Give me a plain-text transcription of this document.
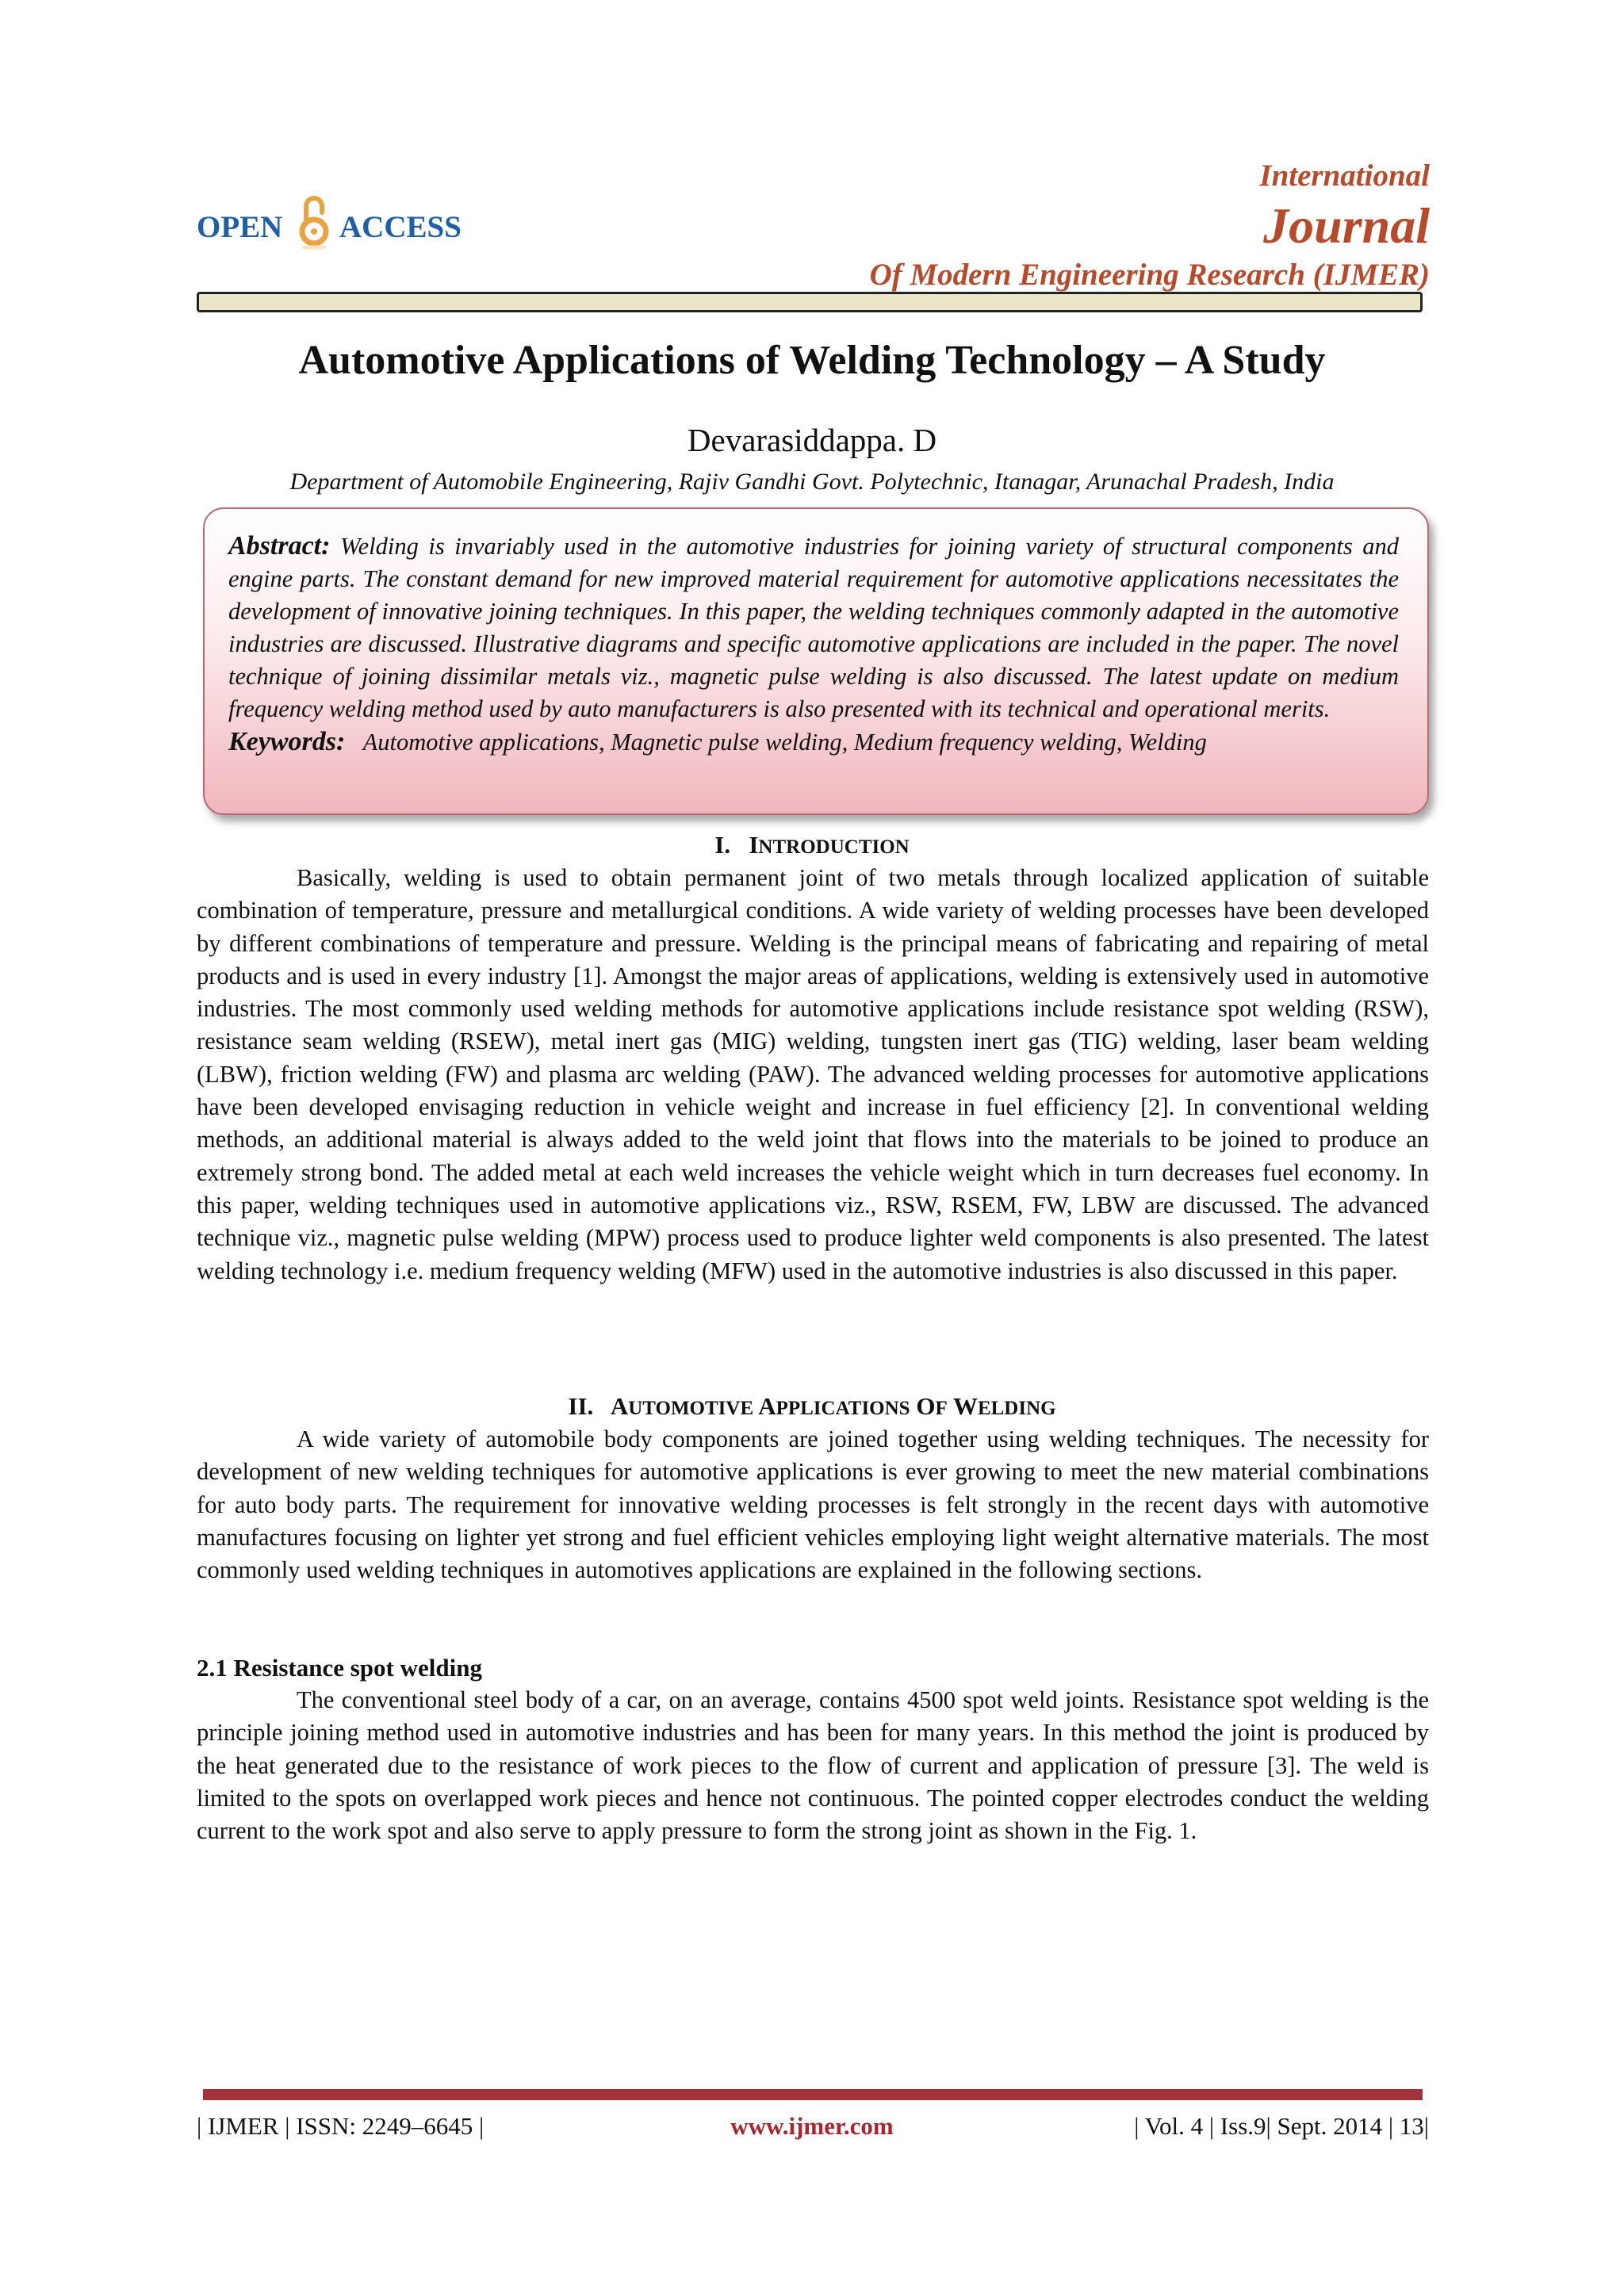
OPEN ACCESS
International
Journal
Of Modern Engineering Research (IJMER)
Automotive Applications of Welding Technology – A Study
Devarasiddappa. D
Department of Automobile Engineering, Rajiv Gandhi Govt. Polytechnic, Itanagar, Arunachal Pradesh, India

Abstract: Welding is invariably used in the automotive industries for joining variety of structural components and engine parts. The constant demand for new improved material requirement for automotive applications necessitates the development of innovative joining techniques. In this paper, the welding techniques commonly adapted in the automotive industries are discussed. Illustrative diagrams and specific automotive applications are included in the paper. The novel technique of joining dissimilar metals viz., magnetic pulse welding is also discussed. The latest update on medium frequency welding method used by auto manufacturers is also presented with its technical and operational merits.

Keywords: Automotive applications, Magnetic pulse welding, Medium frequency welding, Welding

I. INTRODUCTION

Basically, welding is used to obtain permanent joint of two metals through localized application of suitable combination of temperature, pressure and metallurgical conditions. A wide variety of welding processes have been developed by different combinations of temperature and pressure. Welding is the principal means of fabricating and repairing of metal products and is used in every industry [1]. Amongst the major areas of applications, welding is extensively used in automotive industries. The most commonly used welding methods for automotive applications include resistance spot welding (RSW), resistance seam welding (RSEW), metal inert gas (MIG) welding, tungsten inert gas (TIG) welding, laser beam welding (LBW), friction welding (FW) and plasma arc welding (PAW). The advanced welding processes for automotive applications have been developed envisaging reduction in vehicle weight and increase in fuel efficiency [2]. In conventional welding methods, an additional material is always added to the weld joint that flows into the materials to be joined to produce an extremely strong bond. The added metal at each weld increases the vehicle weight which in turn decreases fuel economy. In this paper, welding techniques used in automotive applications viz., RSW, RSEM, FW, LBW are discussed. The advanced technique viz., magnetic pulse welding (MPW) process used to produce lighter weld components is also presented. The latest welding technology i.e. medium frequency welding (MFW) used in the automotive industries is also discussed in this paper.

II. AUTOMOTIVE APPLICATIONS OF WELDING

A wide variety of automobile body components are joined together using welding techniques. The necessity for development of new welding techniques for automotive applications is ever growing to meet the new material combinations for auto body parts. The requirement for innovative welding processes is felt strongly in the recent days with automotive manufactures focusing on lighter yet strong and fuel efficient vehicles employing light weight alternative materials. The most commonly used welding techniques in automotives applications are explained in the following sections.

2.1 Resistance spot welding

The conventional steel body of a car, on an average, contains 4500 spot weld joints. Resistance spot welding is the principle joining method used in automotive industries and has been for many years. In this method the joint is produced by the heat generated due to the resistance of work pieces to the flow of current and application of pressure [3]. The weld is limited to the spots on overlapped work pieces and hence not continuous. The pointed copper electrodes conduct the welding current to the work spot and also serve to apply pressure to form the strong joint as shown in the Fig. 1.

| IJMER | ISSN: 2249–6645 |	www.ijmer.com	| Vol. 4 | Iss.9| Sept. 2014 | 13|
